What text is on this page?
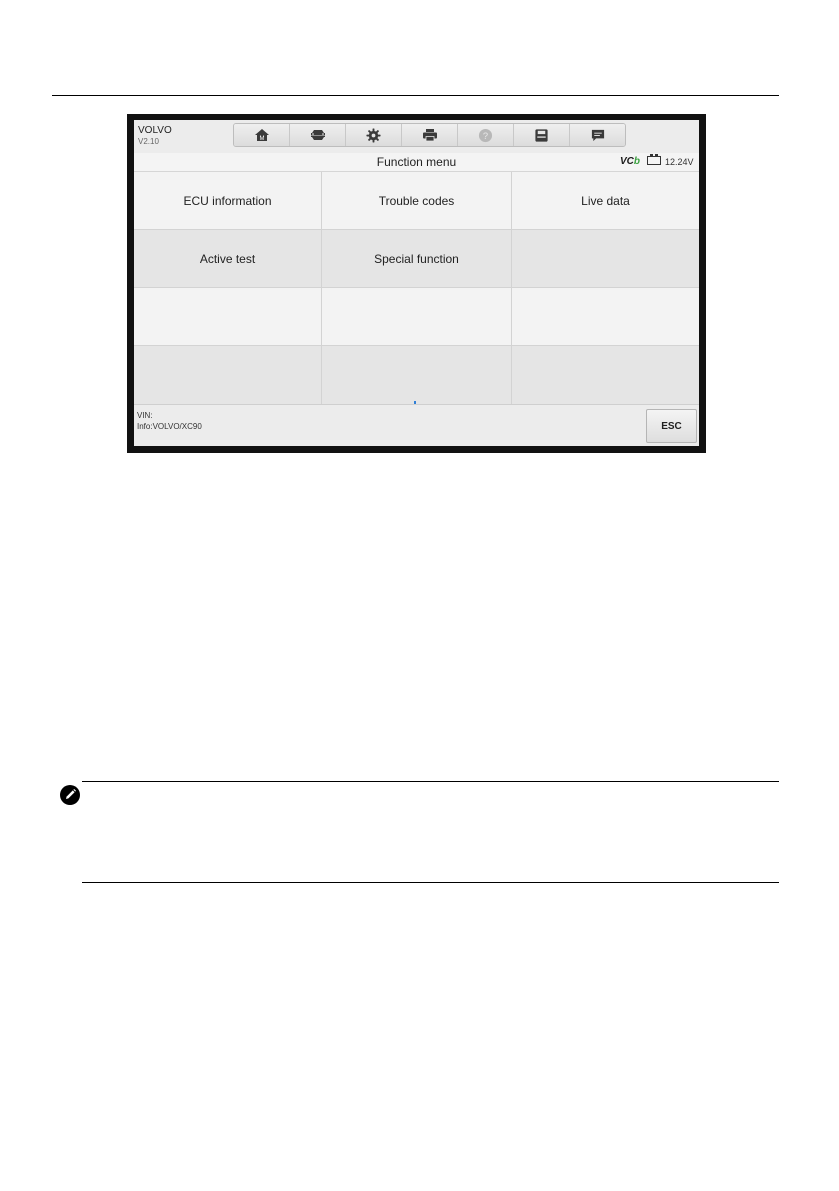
VOLVO
V2.10	M	?
Function menu	VCb	12.24V
ECU information	Trouble codes	Live data
Active test	Special function
VIN:
Info:VOLVO/XC90	ESC
